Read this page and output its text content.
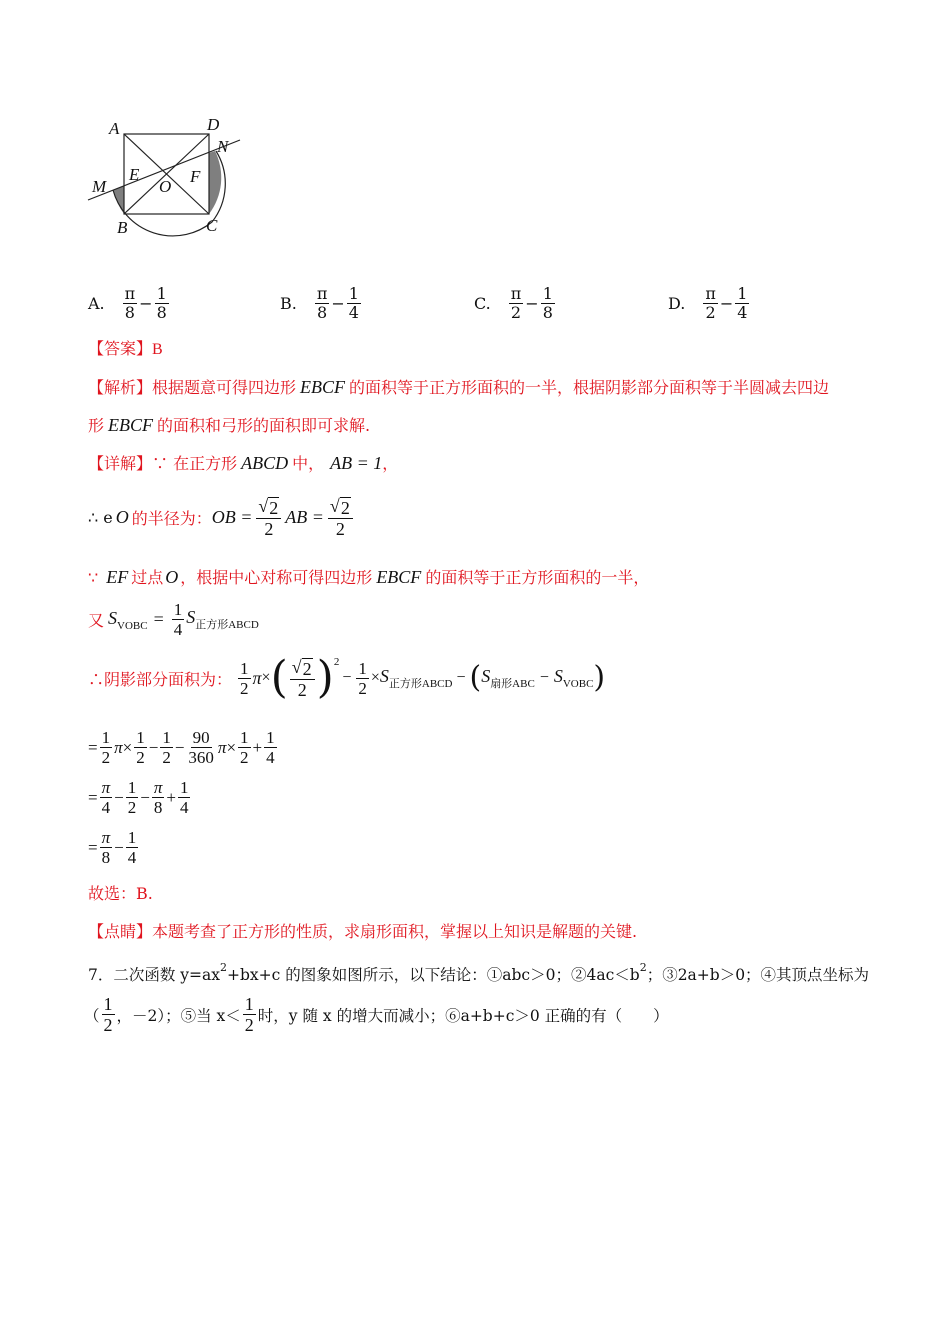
A	D
N
M
E
O
F
B	C
A. $\frac{\pi}{8} - \frac{1}{8}$	B. $\frac{\pi}{8} - \frac{1}{4}$	C. $\frac{\pi}{2} - \frac{1}{8}$	D. $\frac{\pi}{2} - \frac{1}{4}$
【答案】B
【解析】根据题意可得四边形 EBCF 的面积等于正方形面积的一半，根据阴影部分面积等于半圆减去四边
形 EBCF 的面积和弓形的面积即可求解.
【详解】∵ 在正方形 ABCD 中， AB = 1，
∴ e O 的半径为： OB = $\frac{√ 2}{2}$ AB = $\frac{√ 2}{2}$
∵ EF 过点 O ，根据中心对称可得四边形 EBCF 的面积等于正方形面积的一半，
又 $S_{VOBC} = \frac{1}{4} S_{正方形ABCD}$
∴阴影部分面积为： $\frac{1}{2}$ π × ( $\frac{√ 2}{2}$ ) 2
− $\frac{1}{2} \times S_{正方形ABCD}$ − ( $S_{扇形ABC} - S_{VOBC}$ )
= $\frac{1}{2}$ $\pi \times \frac{1}{2} - \frac{1}{2} - \frac{90}{360}$ $\pi \times \frac{1}{2} + \frac{1}{4}$
= $\frac{\pi}{4} - \frac{1}{2} - \frac{\pi}{8} + \frac{1}{4}$
= $\frac{\pi}{8} - \frac{1}{4}$
故选：B.
【点睛】本题考查了正方形的性质，求扇形面积，掌握以上知识是解题的关键.
7．二次函数 $y=ax^2+bx+c$ 的图象如图所示，以下结论：①abc＞0；$②4ac<b^2$；③2a+b＞0；④其顶点坐标为
（ $\frac{1}{2}$ ，－2）；⑤当 $x< \frac{1}{2}$ 时，y 随 x 的增大而减小；⑥a+b+c＞0 正确的有（　　）
